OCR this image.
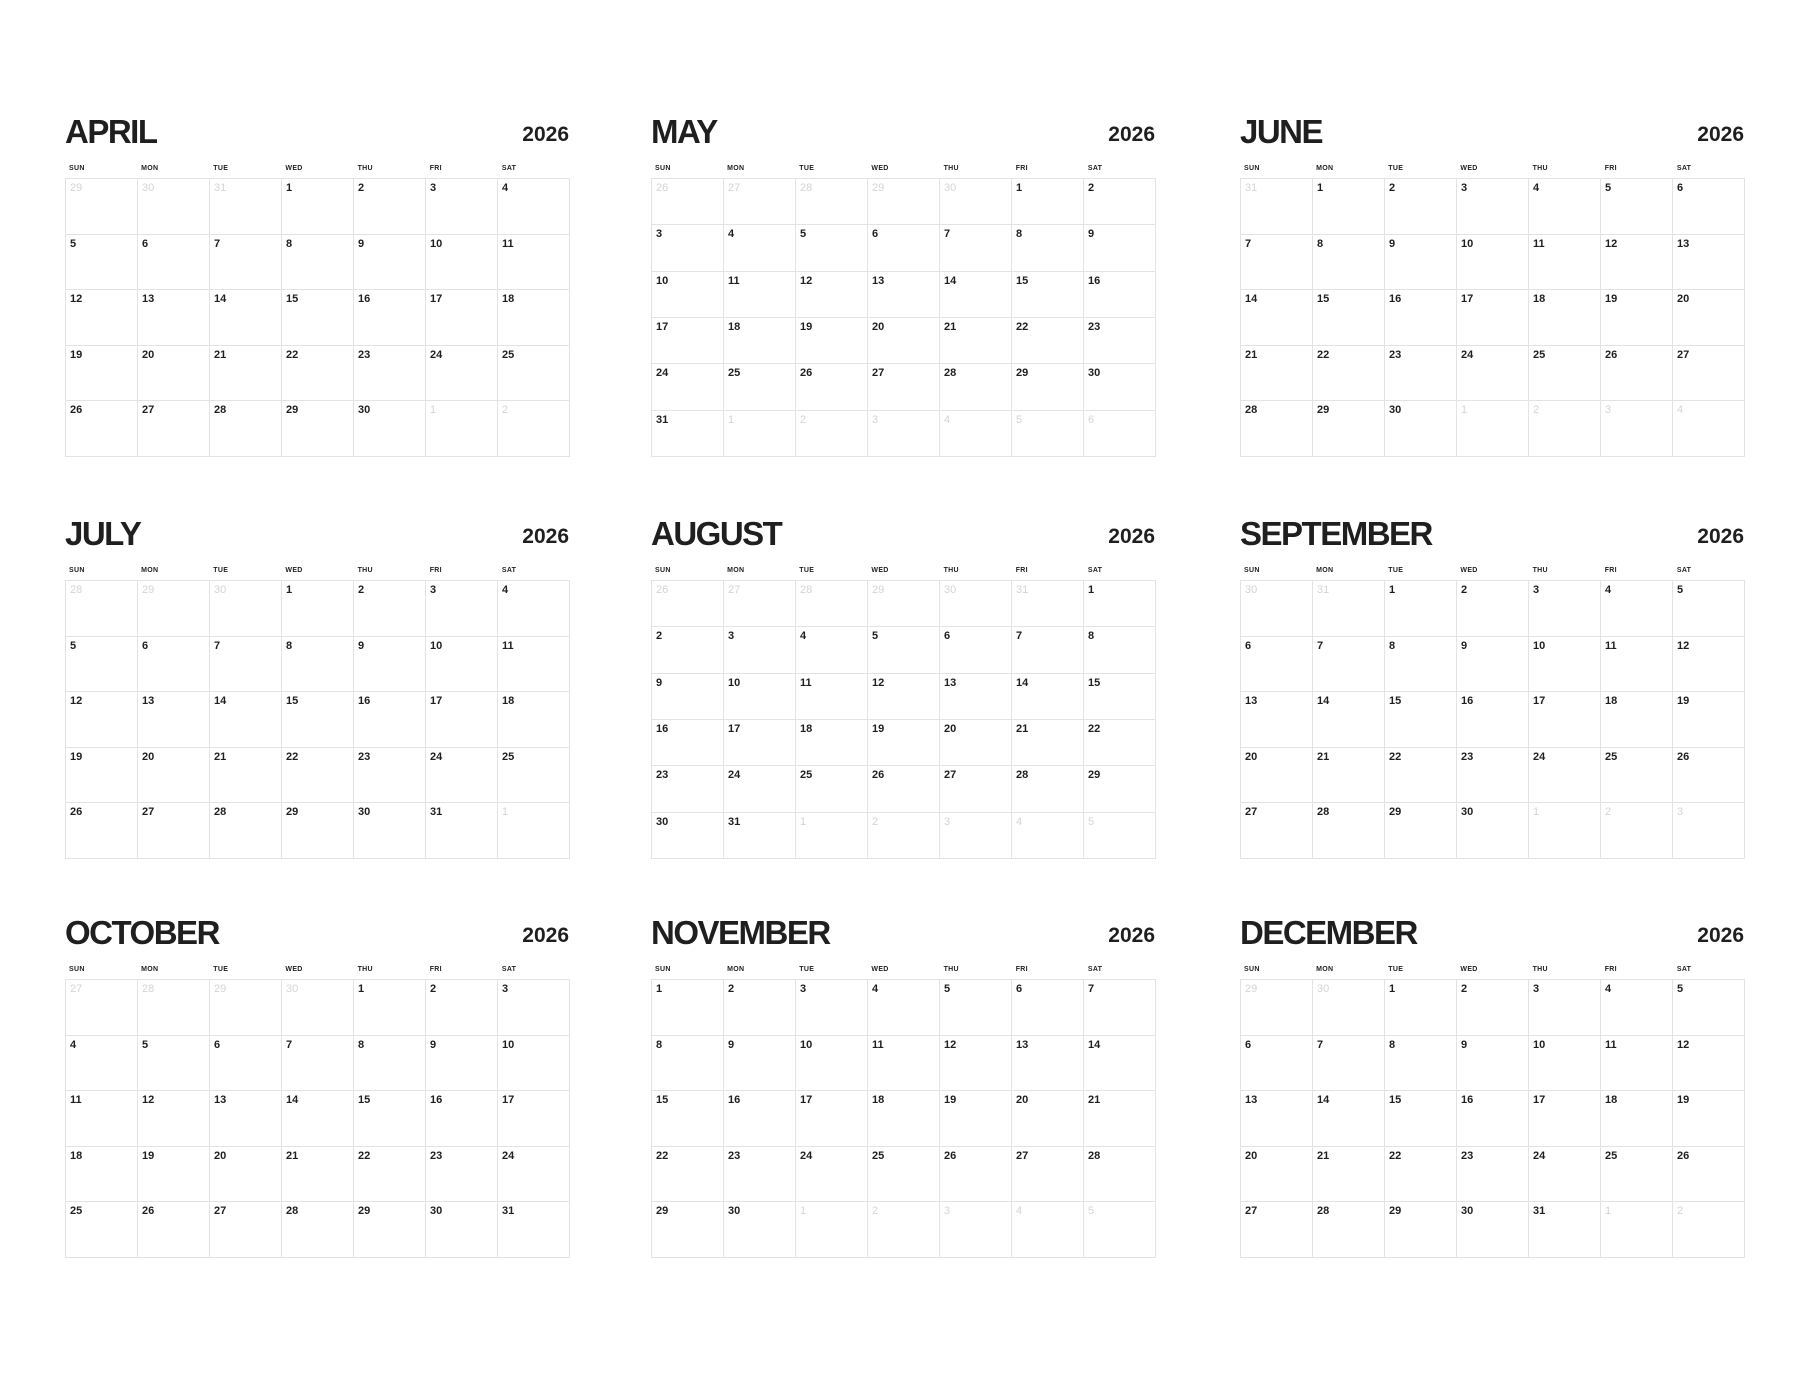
APRIL	2026
SUN	MON	TUE	WED	THU	FRI	SAT
29	30	31	1	2	3	4
5	6	7	8	9	10	11
12	13	14	15	16	17	18
19	20	21	22	23	24	25
26	27	28	29	30	1	2
MAY	2026
SUN	MON	TUE	WED	THU	FRI	SAT
26	27	28	29	30	1	2
3	4	5	6	7	8	9
10	11	12	13	14	15	16
17	18	19	20	21	22	23
24	25	26	27	28	29	30
31	1	2	3	4	5	6
JUNE	2026
SUN	MON	TUE	WED	THU	FRI	SAT
31	1	2	3	4	5	6
7	8	9	10	11	12	13
14	15	16	17	18	19	20
21	22	23	24	25	26	27
28	29	30	1	2	3	4
JULY	2026
SUN	MON	TUE	WED	THU	FRI	SAT
28	29	30	1	2	3	4
5	6	7	8	9	10	11
12	13	14	15	16	17	18
19	20	21	22	23	24	25
26	27	28	29	30	31	1
AUGUST	2026
SUN	MON	TUE	WED	THU	FRI	SAT
26	27	28	29	30	31	1
2	3	4	5	6	7	8
9	10	11	12	13	14	15
16	17	18	19	20	21	22
23	24	25	26	27	28	29
30	31	1	2	3	4	5
SEPTEMBER	2026
SUN	MON	TUE	WED	THU	FRI	SAT
30	31	1	2	3	4	5
6	7	8	9	10	11	12
13	14	15	16	17	18	19
20	21	22	23	24	25	26
27	28	29	30	1	2	3
OCTOBER	2026
SUN	MON	TUE	WED	THU	FRI	SAT
27	28	29	30	1	2	3
4	5	6	7	8	9	10
11	12	13	14	15	16	17
18	19	20	21	22	23	24
25	26	27	28	29	30	31
NOVEMBER	2026
SUN	MON	TUE	WED	THU	FRI	SAT
1	2	3	4	5	6	7
8	9	10	11	12	13	14
15	16	17	18	19	20	21
22	23	24	25	26	27	28
29	30	1	2	3	4	5
DECEMBER	2026
SUN	MON	TUE	WED	THU	FRI	SAT
29	30	1	2	3	4	5
6	7	8	9	10	11	12
13	14	15	16	17	18	19
20	21	22	23	24	25	26
27	28	29	30	31	1	2
